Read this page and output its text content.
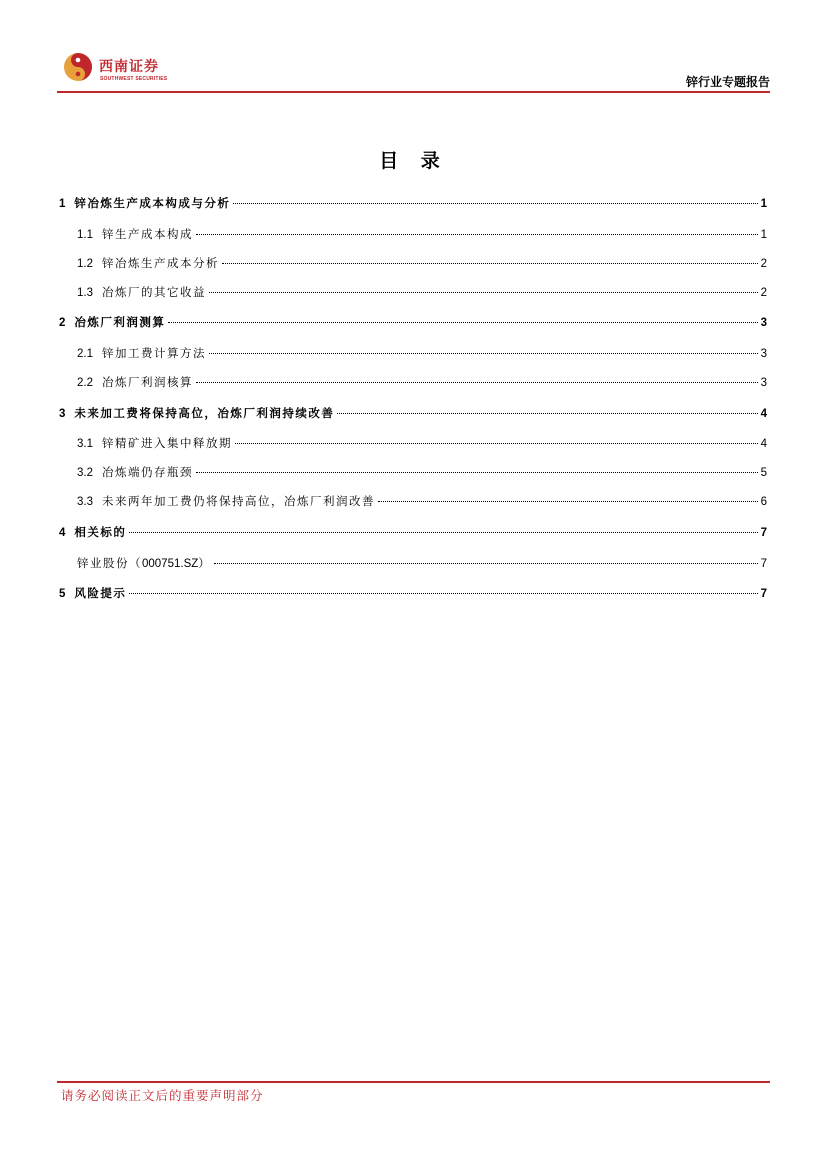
西南证券
SOUTHWEST SECURITIES	锌行业专题报告
目 录
1 锌冶炼生产成本构成与分析	1
1.1 锌生产成本构成	1
1.2 锌冶炼生产成本分析	2
1.3 冶炼厂的其它收益	2
2 冶炼厂利润测算	3
2.1 锌加工费计算方法	3
2.2 冶炼厂利润核算	3
3 未来加工费将保持高位，冶炼厂利润持续改善	4
3.1 锌精矿进入集中释放期	4
3.2 冶炼端仍存瓶颈	5
3.3 未来两年加工费仍将保持高位，冶炼厂利润改善	6
4 相关标的	7
锌业股份（000751.SZ）	7
5 风险提示	7
请务必阅读正文后的重要声明部分
